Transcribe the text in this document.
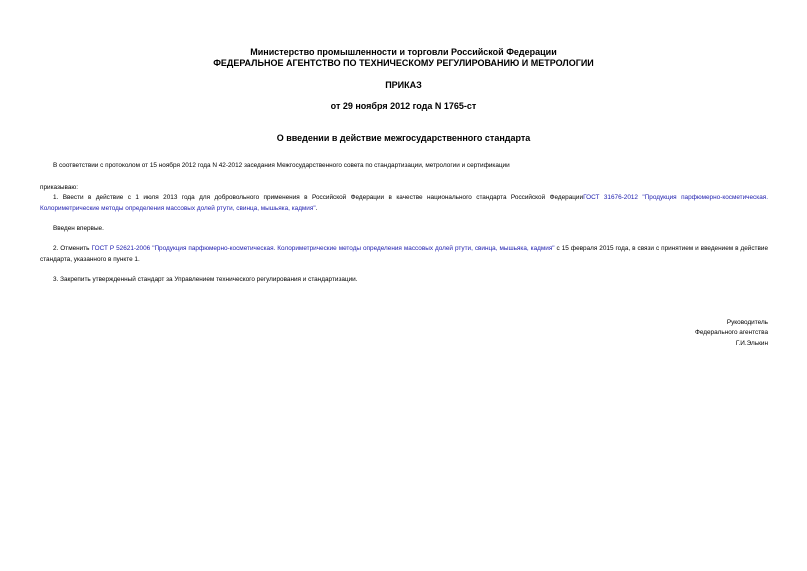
Министерство промышленности и торговли Российской Федерации
ФЕДЕРАЛЬНОЕ АГЕНТСТВО ПО ТЕХНИЧЕСКОМУ РЕГУЛИРОВАНИЮ И МЕТРОЛОГИИ
ПРИКАЗ
от 29 ноября 2012 года N 1765-ст
О введении в действие межгосударственного стандарта
В соответствии с протоколом от 15 ноября 2012 года N 42-2012 заседания Межгосударственного совета по стандартизации, метрологии и сертификации
приказываю:
1. Ввести в действие с 1 июля 2013 года для добровольного применения в Российской Федерации в качестве национального стандарта Российской ФедерацииГОСТ 31676-2012 "Продукция парфюмерно-косметическая. Колориметрические методы определения массовых долей ртути, свинца, мышьяка, кадмия".
Введен впервые.
2. Отменить ГОСТ Р 52621-2006 "Продукция парфюмерно-косметическая. Колориметрические методы определения массовых долей ртути, свинца, мышьяка, кадмия" с 15 февраля 2015 года, в связи с принятием и введением в действие стандарта, указанного в пункте 1.
3. Закрепить утвержденный стандарт за Управлением технического регулирования и стандартизации.
Руководитель
Федерального агентства
Г.И.Элькин
